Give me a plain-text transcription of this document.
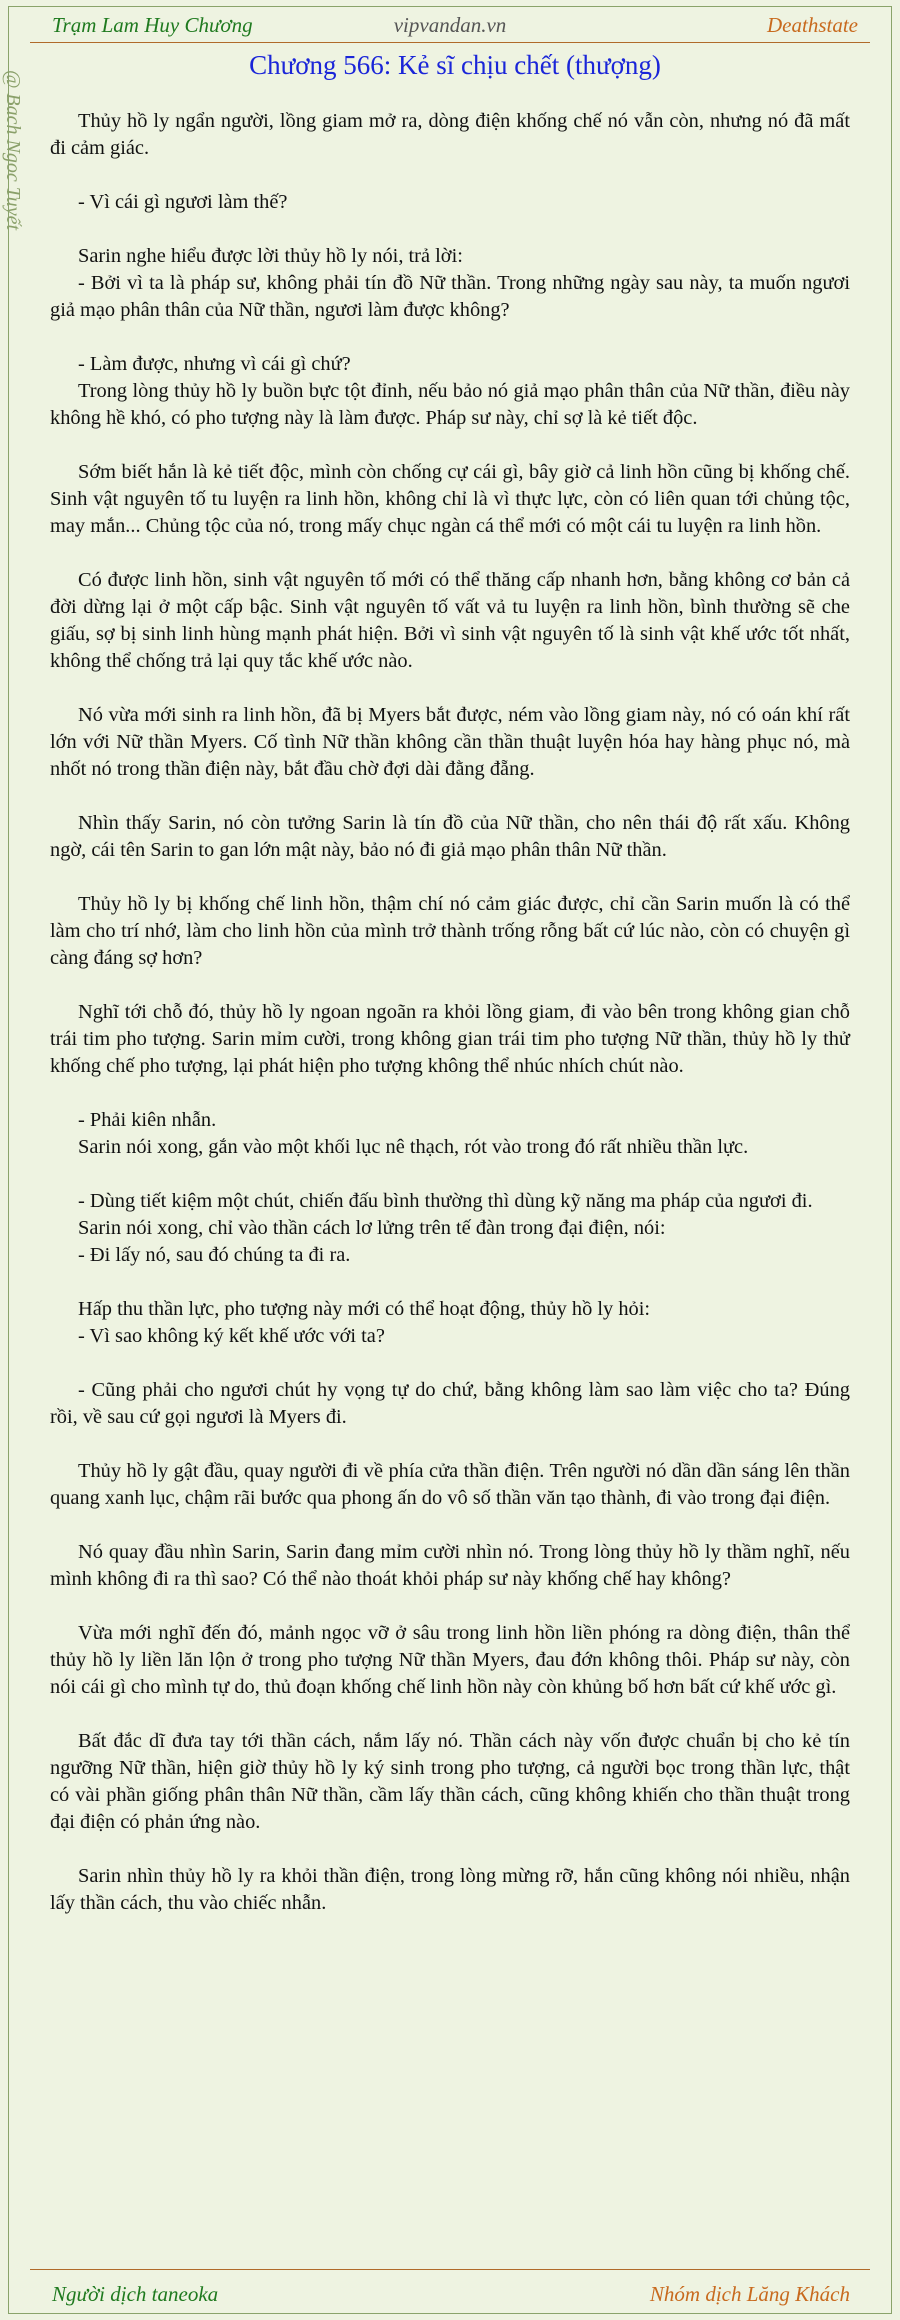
Trạm Lam Huy Chương	vipvandan.vn	Deathstate
@ Bach Ngoc Tuyết
Chương 566: Kẻ sĩ chịu chết (thượng)

Thủy hồ ly ngẩn người, lồng giam mở ra, dòng điện khống chế nó vẫn còn, nhưng nó đã mất đi cảm giác.

- Vì cái gì ngươi làm thế?

Sarin nghe hiểu được lời thủy hồ ly nói, trả lời:

- Bởi vì ta là pháp sư, không phải tín đồ Nữ thần. Trong những ngày sau này, ta muốn ngươi giả mạo phân thân của Nữ thần, ngươi làm được không?

- Làm được, nhưng vì cái gì chứ?

Trong lòng thủy hồ ly buồn bực tột đỉnh, nếu bảo nó giả mạo phân thân của Nữ thần, điều này không hề khó, có pho tượng này là làm được. Pháp sư này, chỉ sợ là kẻ tiết độc.

Sớm biết hắn là kẻ tiết độc, mình còn chống cự cái gì, bây giờ cả linh hồn cũng bị khống chế. Sinh vật nguyên tố tu luyện ra linh hồn, không chỉ là vì thực lực, còn có liên quan tới chủng tộc, may mắn... Chủng tộc của nó, trong mấy chục ngàn cá thể mới có một cái tu luyện ra linh hồn.

Có được linh hồn, sinh vật nguyên tố mới có thể thăng cấp nhanh hơn, bằng không cơ bản cả đời dừng lại ở một cấp bậc. Sinh vật nguyên tố vất vả tu luyện ra linh hồn, bình thường sẽ che giấu, sợ bị sinh linh hùng mạnh phát hiện. Bởi vì sinh vật nguyên tố là sinh vật khế ước tốt nhất, không thể chống trả lại quy tắc khế ước nào.

Nó vừa mới sinh ra linh hồn, đã bị Myers bắt được, ném vào lồng giam này, nó có oán khí rất lớn với Nữ thần Myers. Cố tình Nữ thần không cần thần thuật luyện hóa hay hàng phục nó, mà nhốt nó trong thần điện này, bắt đầu chờ đợi dài đằng đẵng.

Nhìn thấy Sarin, nó còn tưởng Sarin là tín đồ của Nữ thần, cho nên thái độ rất xấu. Không ngờ, cái tên Sarin to gan lớn mật này, bảo nó đi giả mạo phân thân Nữ thần.

Thủy hồ ly bị khống chế linh hồn, thậm chí nó cảm giác được, chỉ cần Sarin muốn là có thể làm cho trí nhớ, làm cho linh hồn của mình trở thành trống rỗng bất cứ lúc nào, còn có chuyện gì càng đáng sợ hơn?

Nghĩ tới chỗ đó, thủy hồ ly ngoan ngoãn ra khỏi lồng giam, đi vào bên trong không gian chỗ trái tim pho tượng. Sarin mỉm cười, trong không gian trái tim pho tượng Nữ thần, thủy hồ ly thử khống chế pho tượng, lại phát hiện pho tượng không thể nhúc nhích chút nào.

- Phải kiên nhẫn.

Sarin nói xong, gắn vào một khối lục nê thạch, rót vào trong đó rất nhiều thần lực.

- Dùng tiết kiệm một chút, chiến đấu bình thường thì dùng kỹ năng ma pháp của ngươi đi.

Sarin nói xong, chỉ vào thần cách lơ lửng trên tế đàn trong đại điện, nói:

- Đi lấy nó, sau đó chúng ta đi ra.

Hấp thu thần lực, pho tượng này mới có thể hoạt động, thủy hồ ly hỏi:

- Vì sao không ký kết khế ước với ta?

- Cũng phải cho ngươi chút hy vọng tự do chứ, bằng không làm sao làm việc cho ta? Đúng rồi, về sau cứ gọi ngươi là Myers đi.

Thủy hồ ly gật đầu, quay người đi về phía cửa thần điện. Trên người nó dần dần sáng lên thần quang xanh lục, chậm rãi bước qua phong ấn do vô số thần văn tạo thành, đi vào trong đại điện.

Nó quay đầu nhìn Sarin, Sarin đang mỉm cười nhìn nó. Trong lòng thủy hồ ly thầm nghĩ, nếu mình không đi ra thì sao? Có thể nào thoát khỏi pháp sư này khống chế hay không?

Vừa mới nghĩ đến đó, mảnh ngọc vỡ ở sâu trong linh hồn liền phóng ra dòng điện, thân thể thủy hồ ly liền lăn lộn ở trong pho tượng Nữ thần Myers, đau đớn không thôi. Pháp sư này, còn nói cái gì cho mình tự do, thủ đoạn khống chế linh hồn này còn khủng bố hơn bất cứ khế ước gì.

Bất đắc dĩ đưa tay tới thần cách, nắm lấy nó. Thần cách này vốn được chuẩn bị cho kẻ tín ngưỡng Nữ thần, hiện giờ thủy hồ ly ký sinh trong pho tượng, cả người bọc trong thần lực, thật có vài phần giống phân thân Nữ thần, cầm lấy thần cách, cũng không khiến cho thần thuật trong đại điện có phản ứng nào.

Sarin nhìn thủy hồ ly ra khỏi thần điện, trong lòng mừng rỡ, hắn cũng không nói nhiều, nhận lấy thần cách, thu vào chiếc nhẫn.

Người dịch taneoka	Nhóm dịch Lăng Khách
